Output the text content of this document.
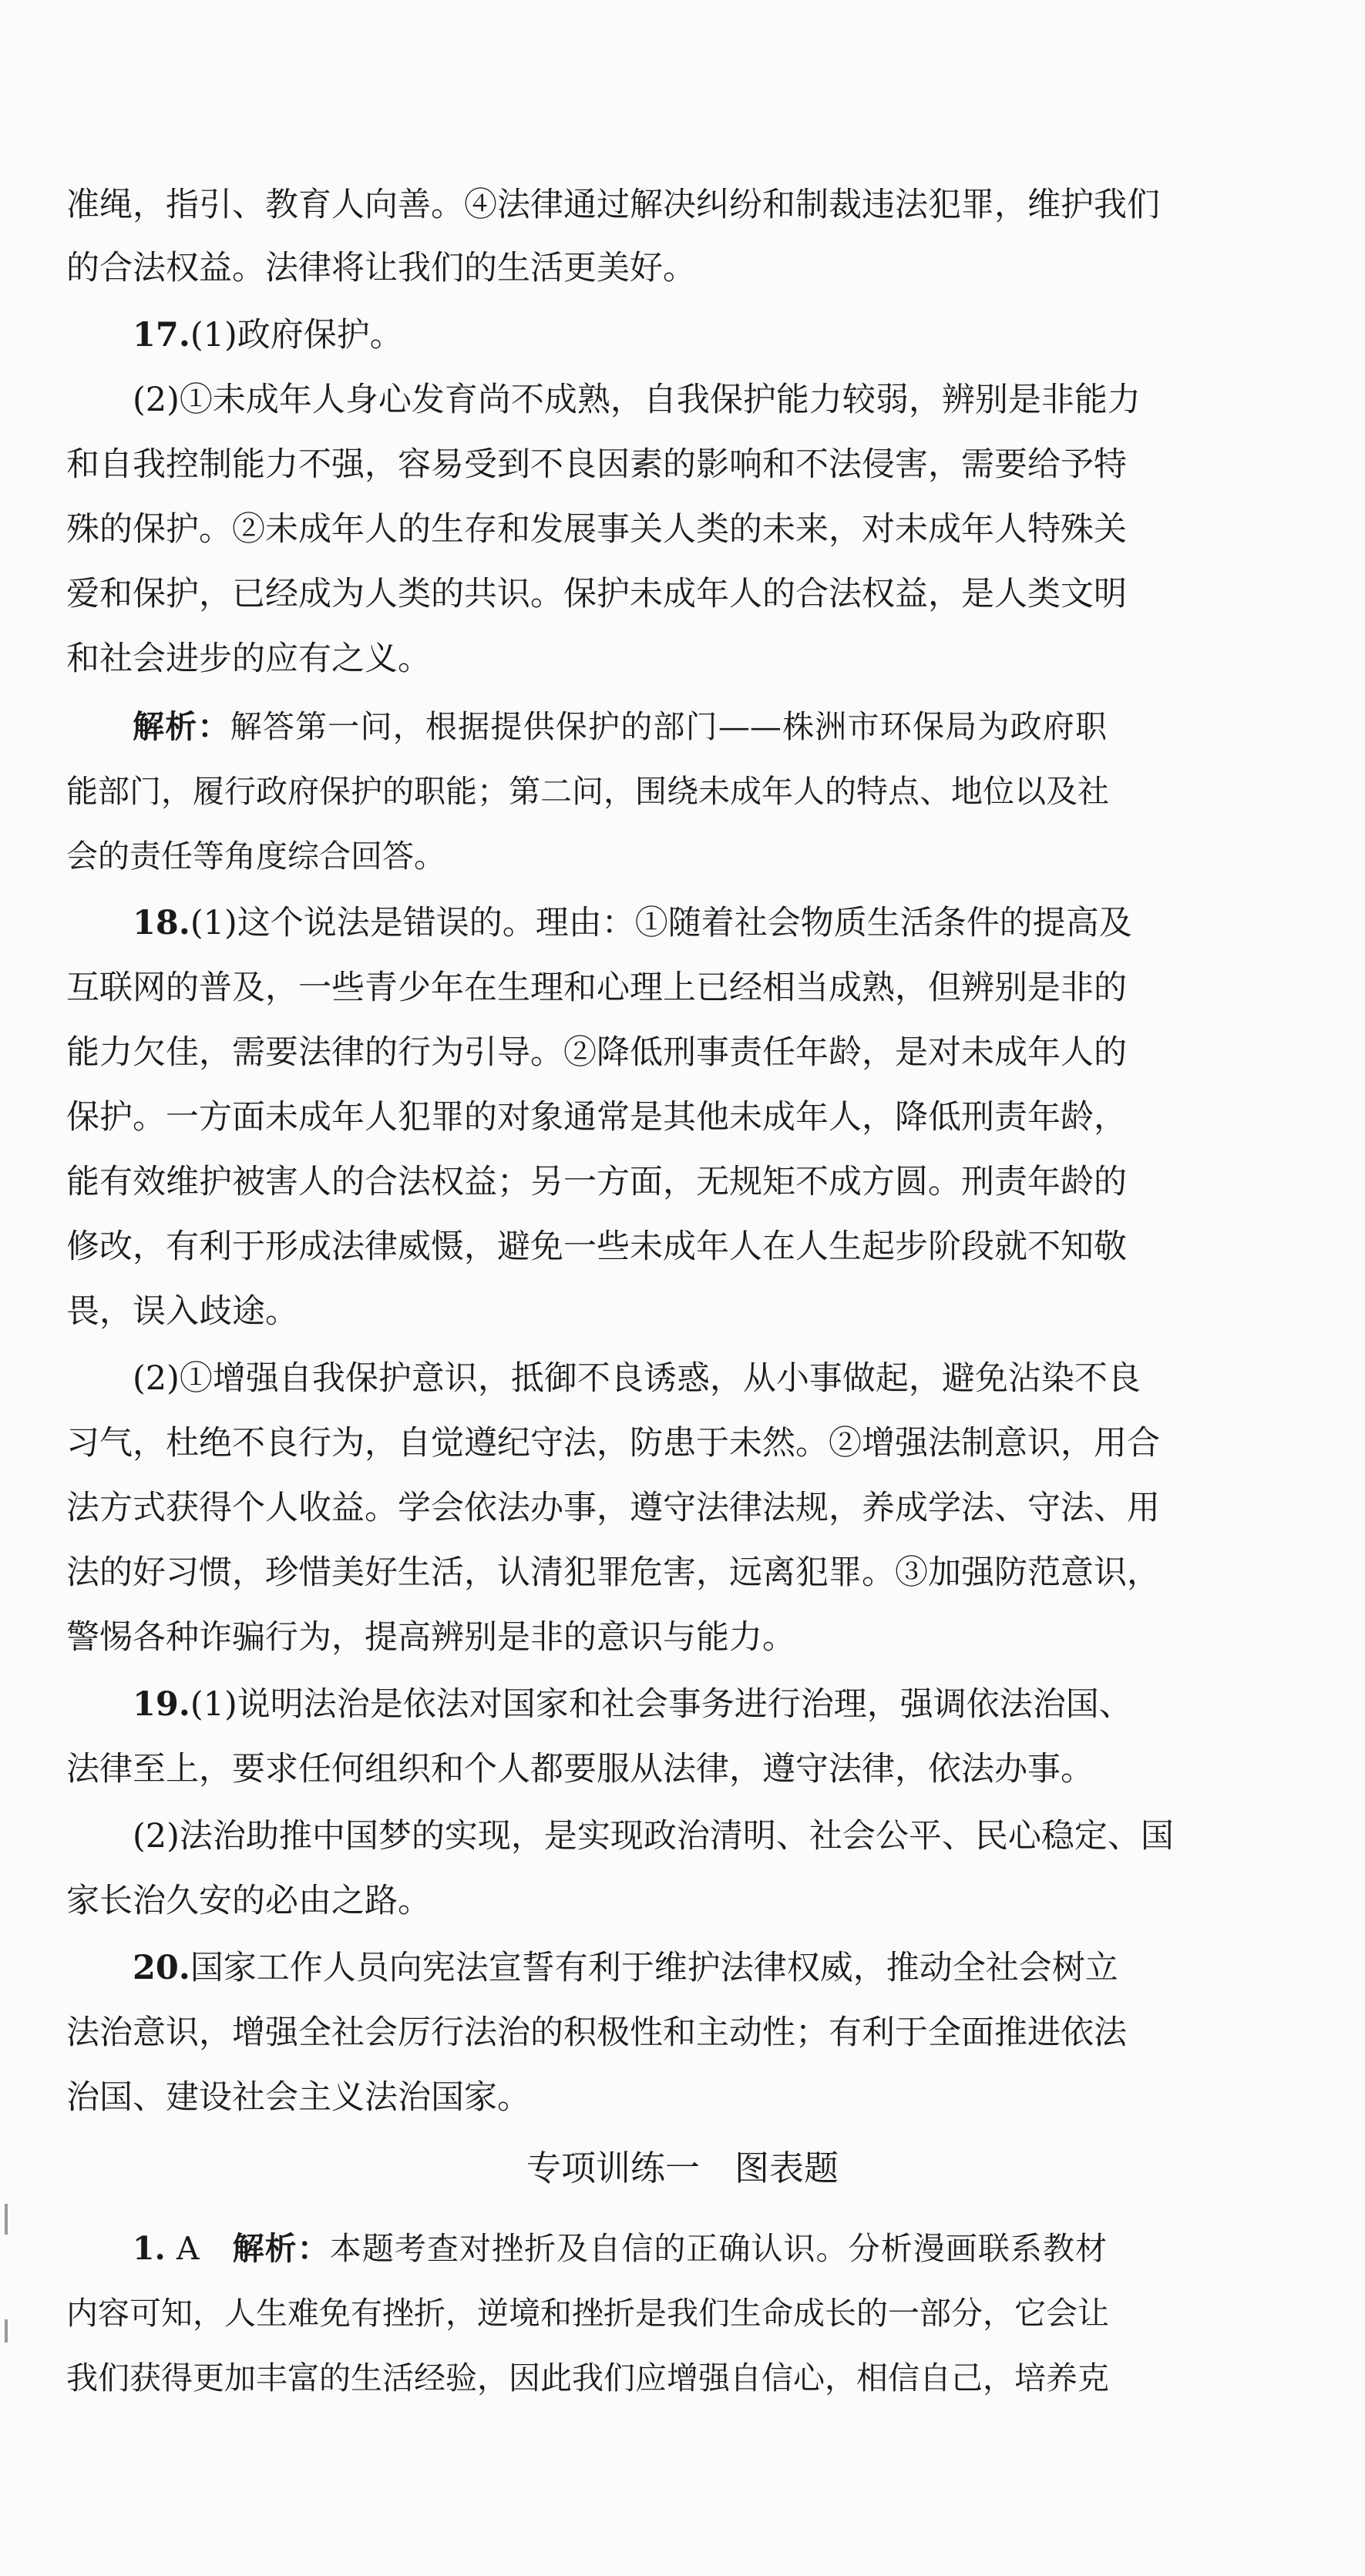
准绳，指引、教育人向善。④法律通过解决纠纷和制裁违法犯罪，维护我们
的合法权益。法律将让我们的生活更美好。
17.(1)政府保护。
(2)①未成年人身心发育尚不成熟，自我保护能力较弱，辨别是非能力
和自我控制能力不强，容易受到不良因素的影响和不法侵害，需要给予特
殊的保护。②未成年人的生存和发展事关人类的未来，对未成年人特殊关
爱和保护，已经成为人类的共识。保护未成年人的合法权益，是人类文明
和社会进步的应有之义。
解析：解答第一问，根据提供保护的部门——株洲市环保局为政府职
能部门，履行政府保护的职能；第二问，围绕未成年人的特点、地位以及社
会的责任等角度综合回答。
18.(1)这个说法是错误的。理由：①随着社会物质生活条件的提高及
互联网的普及，一些青少年在生理和心理上已经相当成熟，但辨别是非的
能力欠佳，需要法律的行为引导。②降低刑事责任年龄，是对未成年人的
保护。一方面未成年人犯罪的对象通常是其他未成年人，降低刑责年龄，
能有效维护被害人的合法权益；另一方面，无规矩不成方圆。刑责年龄的
修改，有利于形成法律威慑，避免一些未成年人在人生起步阶段就不知敬
畏，误入歧途。
(2)①增强自我保护意识，抵御不良诱惑，从小事做起，避免沾染不良
习气，杜绝不良行为，自觉遵纪守法，防患于未然。②增强法制意识，用合
法方式获得个人收益。学会依法办事，遵守法律法规，养成学法、守法、用
法的好习惯，珍惜美好生活，认清犯罪危害，远离犯罪。③加强防范意识，
警惕各种诈骗行为，提高辨别是非的意识与能力。
19.(1)说明法治是依法对国家和社会事务进行治理，强调依法治国、
法律至上，要求任何组织和个人都要服从法律，遵守法律，依法办事。
(2)法治助推中国梦的实现，是实现政治清明、社会公平、民心稳定、国
家长治久安的必由之路。
20.国家工作人员向宪法宣誓有利于维护法律权威，推动全社会树立
法治意识，增强全社会厉行法治的积极性和主动性；有利于全面推进依法
治国、建设社会主义法治国家。
专项训练一　图表题
1. A　 解析：本题考查对挫折及自信的正确认识。分析漫画联系教材
内容可知，人生难免有挫折，逆境和挫折是我们生命成长的一部分，它会让
我们获得更加丰富的生活经验，因此我们应增强自信心，相信自己，培养克
